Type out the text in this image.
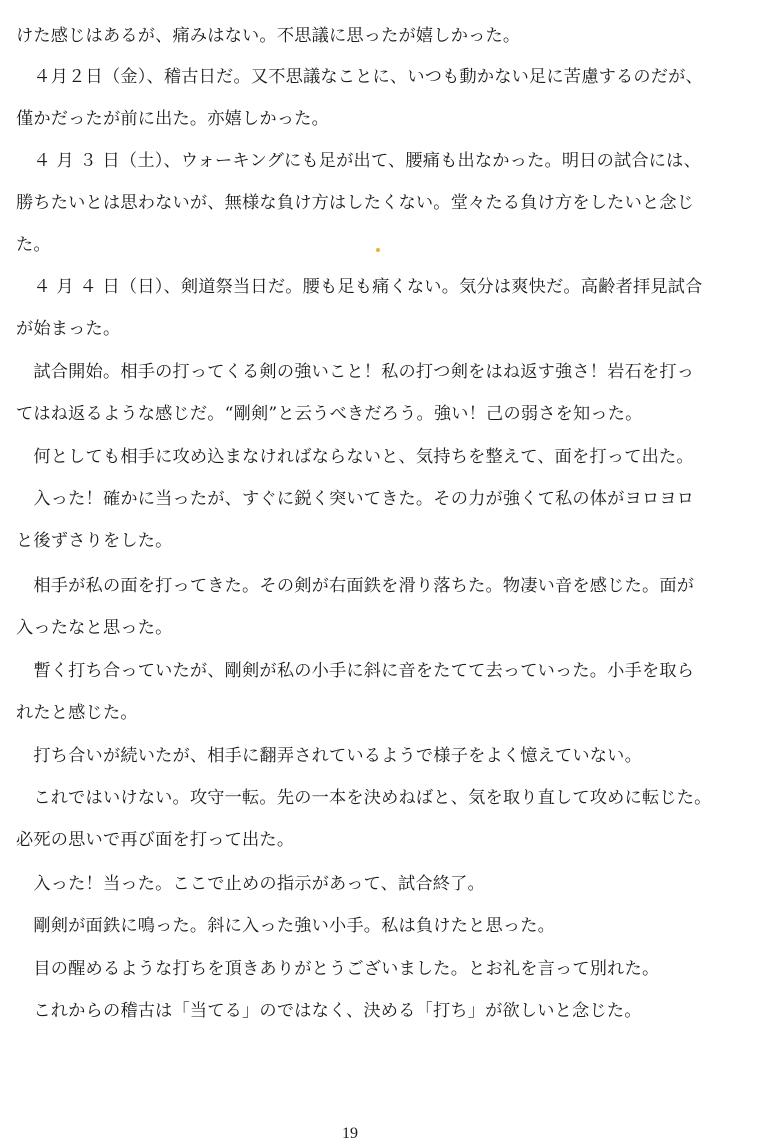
けた感じはあるが、痛みはない。不思議に思ったが嬉しかった。
　４月２日（金）、稽古日だ。又不思議なことに、いつも動かない足に苦慮するのだが、
僅かだったが前に出た。亦嬉しかった。
　４ 月 ３ 日（土）、ウォーキングにも足が出て、腰痛も出なかった。明日の試合には、
勝ちたいとは思わないが、無様な負け方はしたくない。堂々たる負け方をしたいと念じ
た。
　４ 月 ４ 日（日）、剣道祭当日だ。腰も足も痛くない。気分は爽快だ。高齢者拝見試合
が始まった。
　試合開始。相手の打ってくる剣の強いこと！私の打つ剣をはね返す強さ！岩石を打っ
てはね返るような感じだ。“剛剣”と云うべきだろう。強い！己の弱さを知った。
　何としても相手に攻め込まなければならないと、気持ちを整えて、面を打って出た。
　入った！確かに当ったが、すぐに鋭く突いてきた。その力が強くて私の体がヨロヨロ
と後ずさりをした。
　相手が私の面を打ってきた。その剣が右面鉄を滑り落ちた。物凄い音を感じた。面が
入ったなと思った。
　暫く打ち合っていたが、剛剣が私の小手に斜に音をたてて去っていった。小手を取ら
れたと感じた。
　打ち合いが続いたが、相手に翻弄されているようで様子をよく憶えていない。
　これではいけない。攻守一転。先の一本を決めねばと、気を取り直して攻めに転じた。
必死の思いで再び面を打って出た。
　入った！当った。ここで止めの指示があって、試合終了。
　剛剣が面鉄に鳴った。斜に入った強い小手。私は負けたと思った。
　目の醒めるような打ちを頂きありがとうございました。とお礼を言って別れた。
　これからの稽古は「当てる」のではなく、決める「打ち」が欲しいと念じた。
19
